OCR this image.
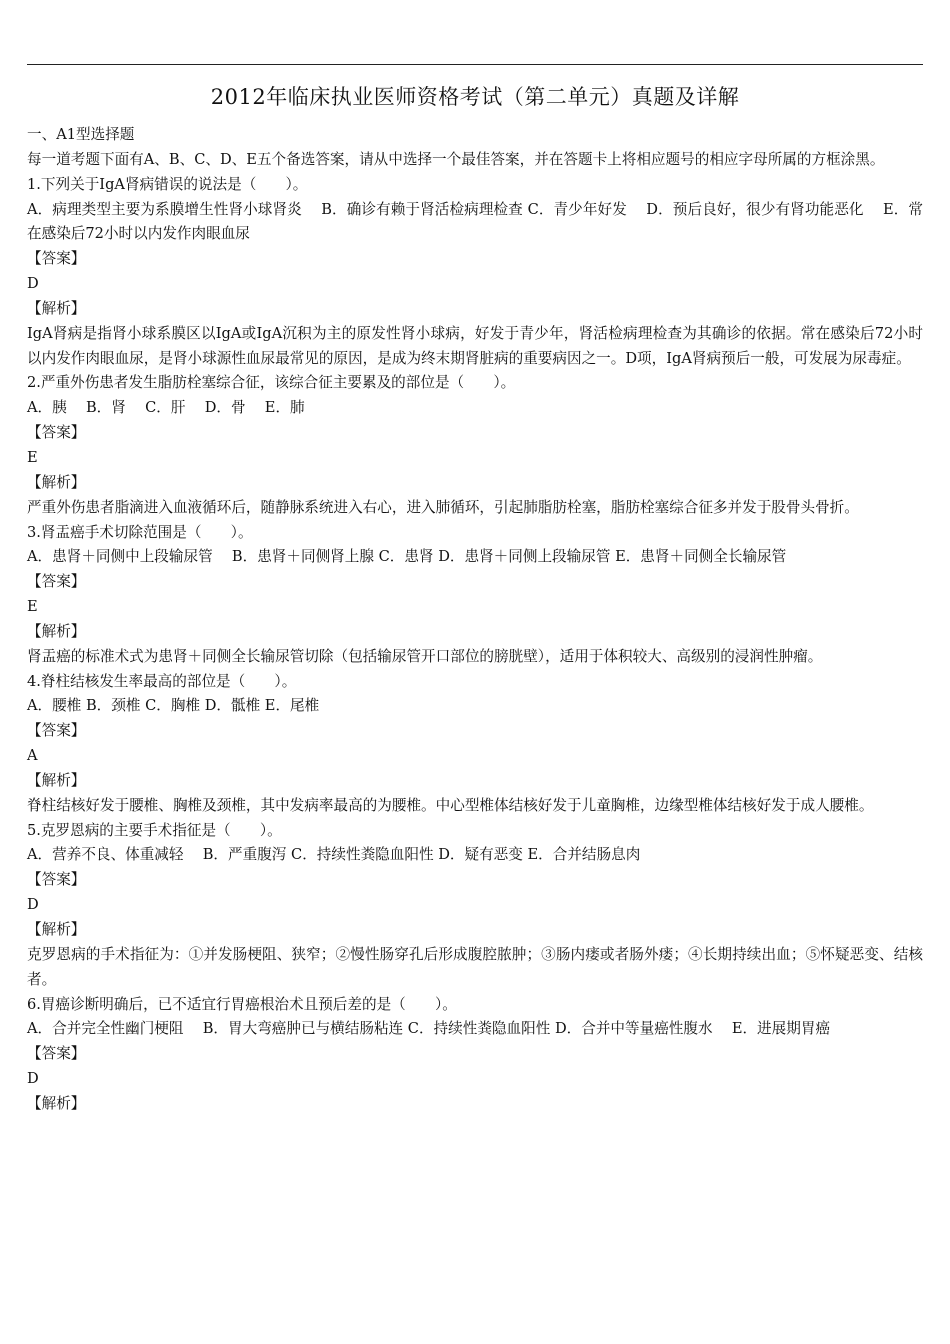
2012年临床执业医师资格考试（第二单元）真题及详解

一、A1型选择题

每一道考题下面有A、B、C、D、E五个备选答案，请从中选择一个最佳答案，并在答题卡上将相应题号的相应字母所属的方框涂黑。

1.下列关于IgA肾病错误的说法是（　　）。

A．病理类型主要为系膜增生性肾小球肾炎　 B．确诊有赖于肾活检病理检查 C．青少年好发　 D．预后良好，很少有肾功能恶化　 E．常在感染后72小时以内发作肉眼血尿

【答案】

D

【解析】

IgA肾病是指肾小球系膜区以IgA或IgA沉积为主的原发性肾小球病，好发于青少年，肾活检病理检查为其确诊的依据。常在感染后72小时以内发作肉眼血尿，是肾小球源性血尿最常见的原因，是成为终末期肾脏病的重要病因之一。D项，IgA肾病预后一般，可发展为尿毒症。

2.严重外伤患者发生脂肪栓塞综合征，该综合征主要累及的部位是（　　）。

A．胰　 B．肾　 C．肝　 D．骨　 E．肺

【答案】

E

【解析】

严重外伤患者脂滴进入血液循环后，随静脉系统进入右心，进入肺循环，引起肺脂肪栓塞，脂肪栓塞综合征多并发于股骨头骨折。

3.肾盂癌手术切除范围是（　　）。

A．患肾＋同侧中上段输尿管　 B．患肾＋同侧肾上腺 C．患肾 D．患肾＋同侧上段输尿管 E．患肾＋同侧全长输尿管

【答案】

E

【解析】

肾盂癌的标准术式为患肾＋同侧全长输尿管切除（包括输尿管开口部位的膀胱壁），适用于体积较大、高级别的浸润性肿瘤。

4.脊柱结核发生率最高的部位是（　　）。

A．腰椎 B．颈椎 C．胸椎 D．骶椎 E．尾椎

【答案】

A

【解析】

脊柱结核好发于腰椎、胸椎及颈椎，其中发病率最高的为腰椎。中心型椎体结核好发于儿童胸椎，边缘型椎体结核好发于成人腰椎。

5.克罗恩病的主要手术指征是（　　）。

A．营养不良、体重减轻　 B．严重腹泻 C．持续性粪隐血阳性 D．疑有恶变 E．合并结肠息肉

【答案】

D

【解析】

克罗恩病的手术指征为：①并发肠梗阻、狭窄；②慢性肠穿孔后形成腹腔脓肿；③肠内瘘或者肠外瘘；④长期持续出血；⑤怀疑恶变、结核者。

6.胃癌诊断明确后，已不适宜行胃癌根治术且预后差的是（　　）。

A．合并完全性幽门梗阻　 B．胃大弯癌肿已与横结肠粘连 C．持续性粪隐血阳性 D．合并中等量癌性腹水　 E．进展期胃癌

【答案】

D

【解析】
